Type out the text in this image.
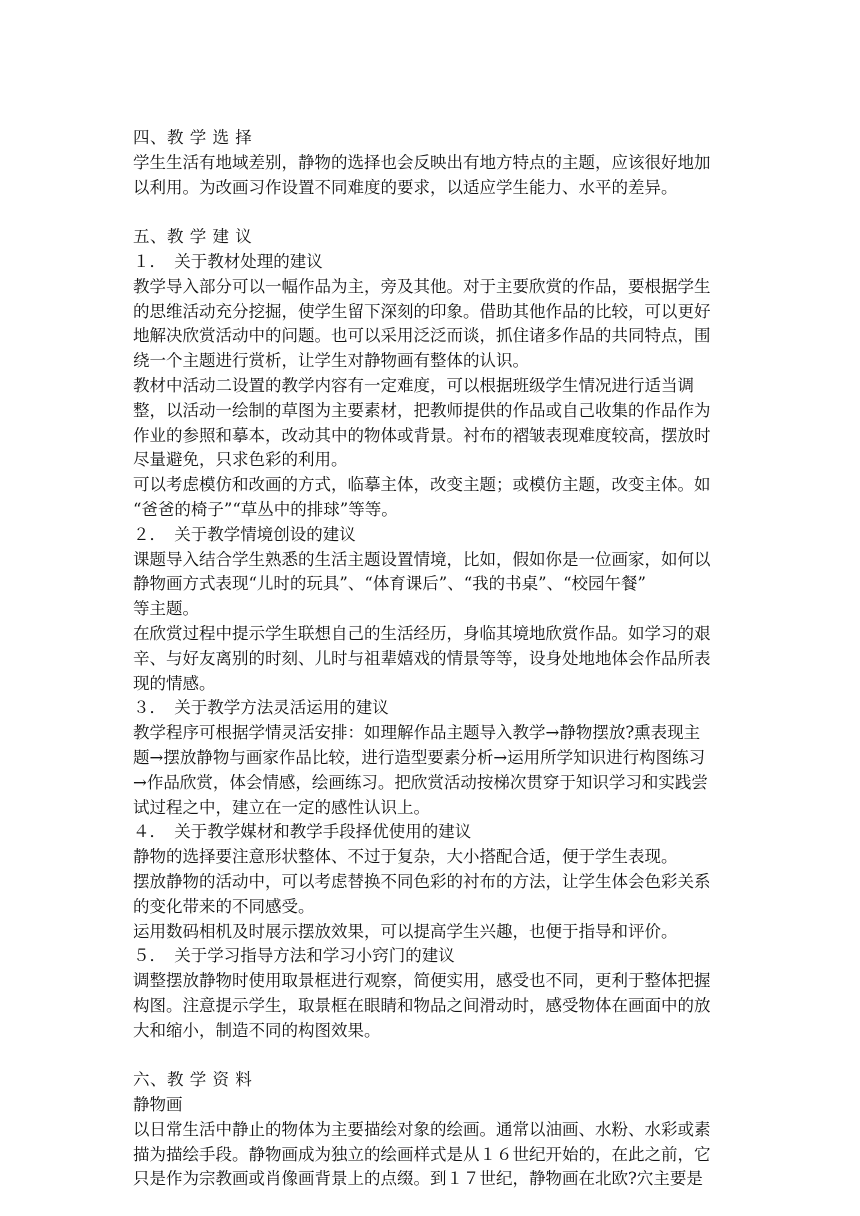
四、教 学 选 择
学生生活有地域差别，静物的选择也会反映出有地方特点的主题，应该很好地加
以利用。为改画习作设置不同难度的要求，以适应学生能力、水平的差异。
五、教 学 建 议
１．　关于教材处理的建议
教学导入部分可以一幅作品为主，旁及其他。对于主要欣赏的作品，要根据学生
的思维活动充分挖掘，使学生留下深刻的印象。借助其他作品的比较，可以更好
地解决欣赏活动中的问题。也可以采用泛泛而谈，抓住诸多作品的共同特点，围
绕一个主题进行赏析，让学生对静物画有整体的认识。
教材中活动二设置的教学内容有一定难度，可以根据班级学生情况进行适当调
整，以活动一绘制的草图为主要素材，把教师提供的作品或自己收集的作品作为
作业的参照和摹本，改动其中的物体或背景。衬布的褶皱表现难度较高，摆放时
尽量避免，只求色彩的利用。
可以考虑模仿和改画的方式，临摹主体，改变主题；或模仿主题，改变主体。如
“爸爸的椅子”“草丛中的排球”等等。
２．　关于教学情境创设的建议
课题导入结合学生熟悉的生活主题设置情境，比如，假如你是一位画家，如何以
静物画方式表现“儿时的玩具”、“体育课后”、“我的书桌”、“校园午餐”
等主题。
在欣赏过程中提示学生联想自己的生活经历，身临其境地欣赏作品。如学习的艰
辛、与好友离别的时刻、儿时与祖辈嬉戏的情景等等，设身处地地体会作品所表
现的情感。
３．　关于教学方法灵活运用的建议
教学程序可根据学情灵活安排：如理解作品主题导入教学→静物摆放?熏表现主
题→摆放静物与画家作品比较，进行造型要素分析→运用所学知识进行构图练习
→作品欣赏，体会情感，绘画练习。把欣赏活动按梯次贯穿于知识学习和实践尝
试过程之中，建立在一定的感性认识上。
４．　关于教学媒材和教学手段择优使用的建议
静物的选择要注意形状整体、不过于复杂，大小搭配合适，便于学生表现。
摆放静物的活动中，可以考虑替换不同色彩的衬布的方法，让学生体会色彩关系
的变化带来的不同感受。
运用数码相机及时展示摆放效果，可以提高学生兴趣，也便于指导和评价。
５．　关于学习指导方法和学习小窍门的建议
调整摆放静物时使用取景框进行观察，简便实用，感受也不同，更利于整体把握
构图。注意提示学生，取景框在眼睛和物品之间滑动时，感受物体在画面中的放
大和缩小，制造不同的构图效果。
六、教 学 资 料
静物画
以日常生活中静止的物体为主要描绘对象的绘画。通常以油画、水粉、水彩或素
描为描绘手段。静物画成为独立的绘画样式是从１６世纪开始的，在此之前，它
只是作为宗教画或肖像画背景上的点缀。到１７世纪，静物画在北欧?穴主要是
